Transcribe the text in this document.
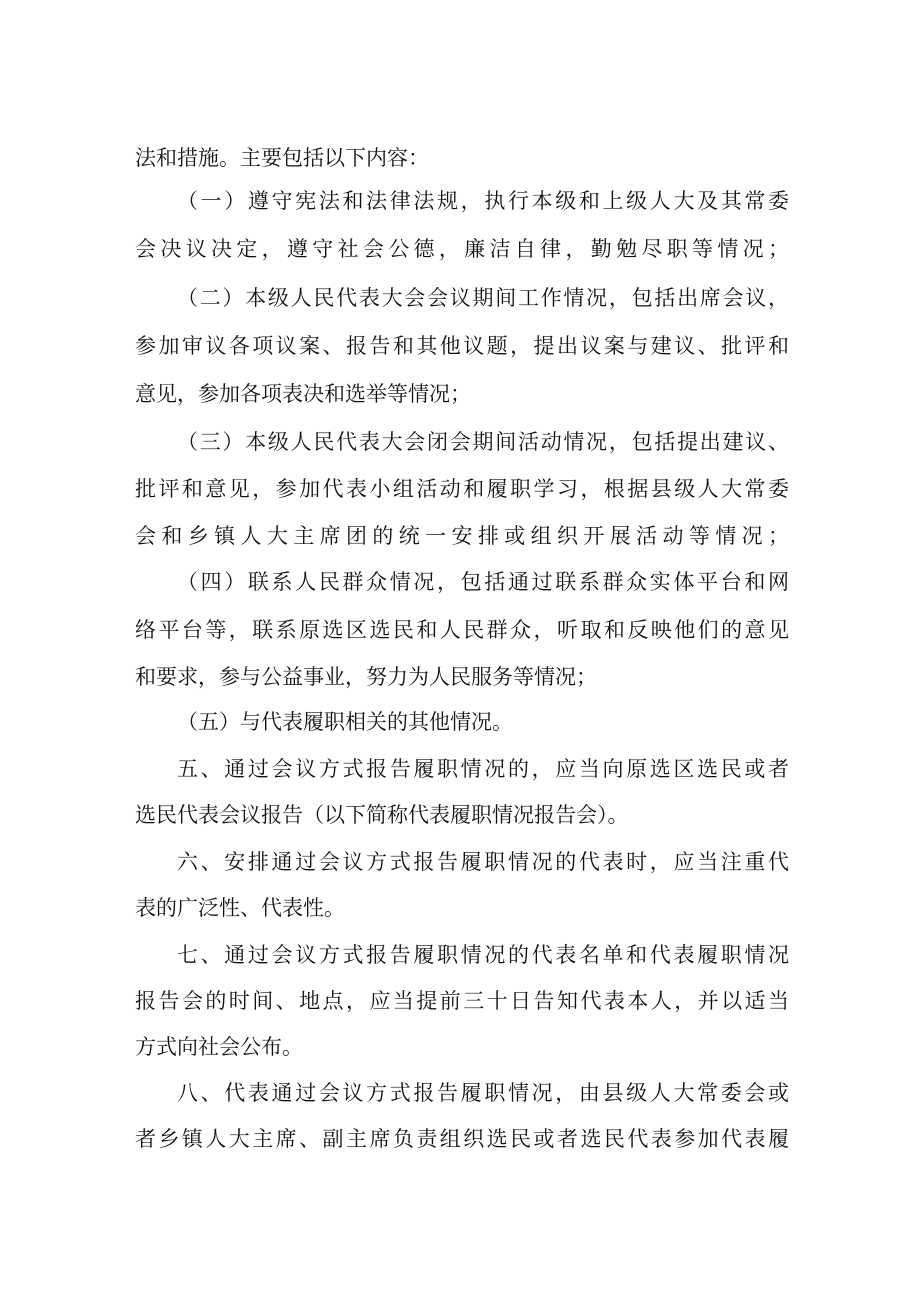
法和措施。主要包括以下内容：

（一）遵守宪法和法律法规，执行本级和上级人大及其常委

会决议决定，遵守社会公德，廉洁自律，勤勉尽职等情况；

（二）本级人民代表大会会议期间工作情况，包括出席会议，

参加审议各项议案、报告和其他议题，提出议案与建议、批评和

意见，参加各项表决和选举等情况；

（三）本级人民代表大会闭会期间活动情况，包括提出建议、

批评和意见，参加代表小组活动和履职学习，根据县级人大常委

会和乡镇人大主席团的统一安排或组织开展活动等情况；

（四）联系人民群众情况，包括通过联系群众实体平台和网

络平台等，联系原选区选民和人民群众，听取和反映他们的意见

和要求，参与公益事业，努力为人民服务等情况；

（五）与代表履职相关的其他情况。

五、通过会议方式报告履职情况的，应当向原选区选民或者

选民代表会议报告（以下简称代表履职情况报告会）。

六、安排通过会议方式报告履职情况的代表时，应当注重代

表的广泛性、代表性。

七、通过会议方式报告履职情况的代表名单和代表履职情况

报告会的时间、地点，应当提前三十日告知代表本人，并以适当

方式向社会公布。

八、代表通过会议方式报告履职情况，由县级人大常委会或

者乡镇人大主席、副主席负责组织选民或者选民代表参加代表履
